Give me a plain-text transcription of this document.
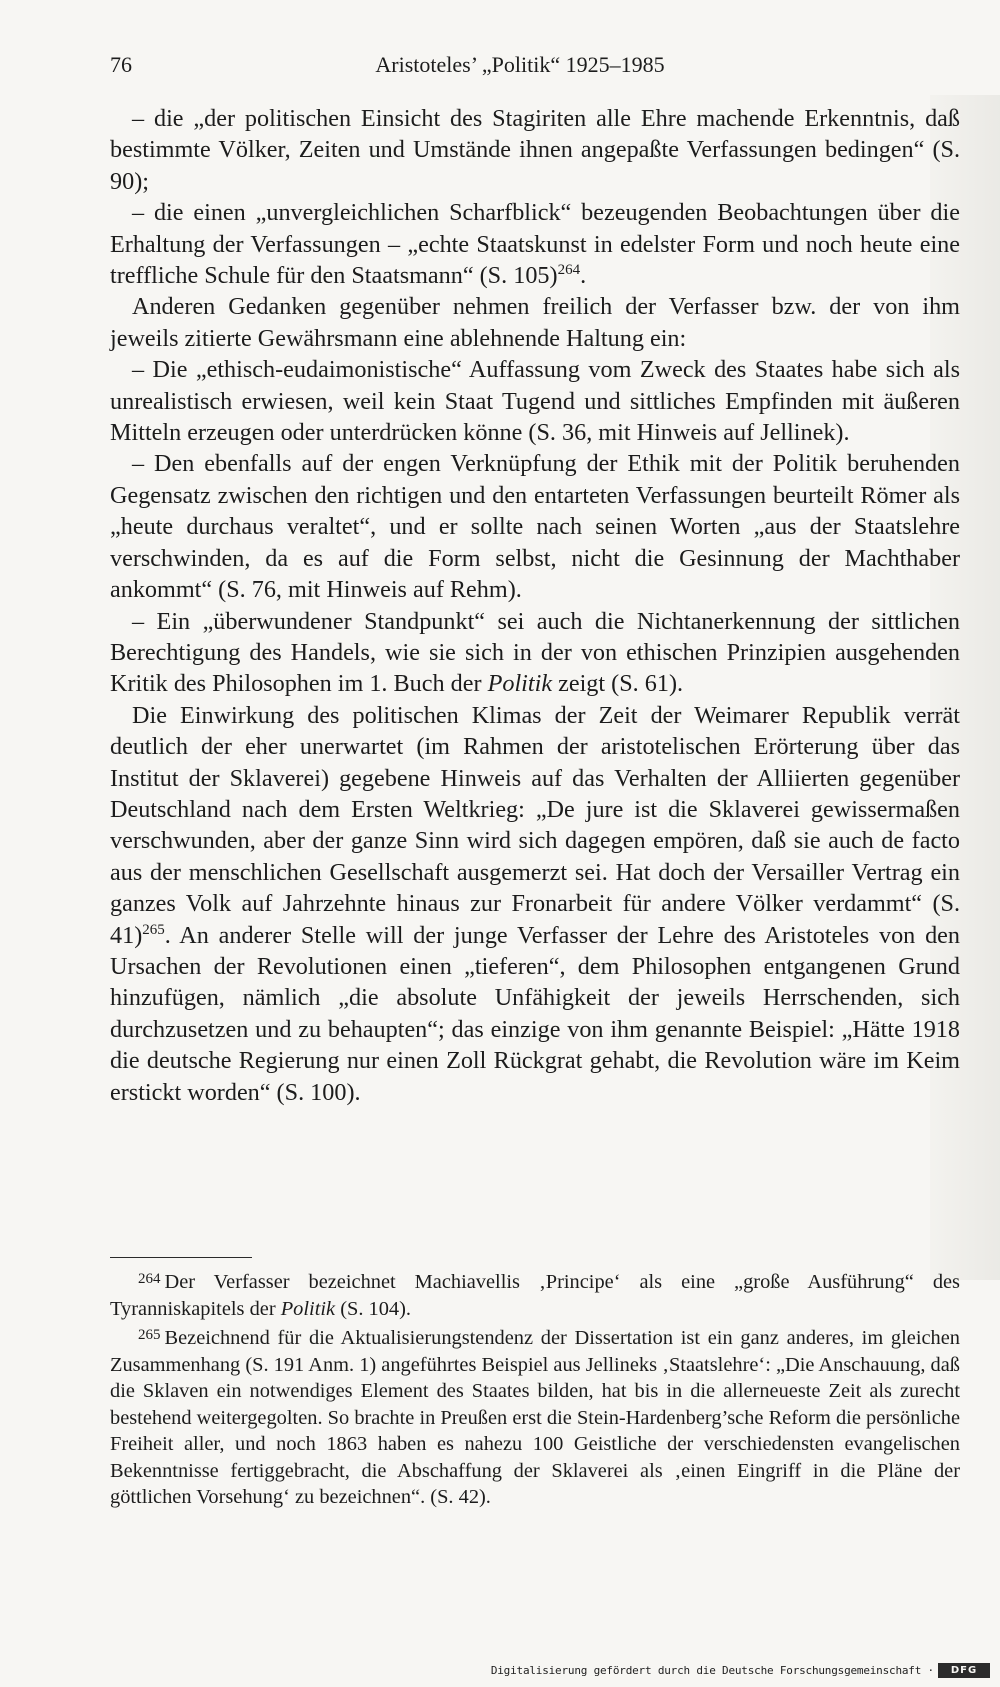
76	Aristoteles’ „Politik“ 1925–1985

– die „der politischen Einsicht des Stagiriten alle Ehre machende Erkenntnis, daß bestimmte Völker, Zeiten und Umstände ihnen angepaßte Verfassungen bedingen“ (S. 90);

– die einen „unvergleichlichen Scharfblick“ bezeugenden Beobachtungen über die Erhaltung der Verfassungen – „echte Staatskunst in edelster Form und noch heute eine treffliche Schule für den Staatsmann“ (S. 105)$^{264}$.

Anderen Gedanken gegenüber nehmen freilich der Verfasser bzw. der von ihm jeweils zitierte Gewährsmann eine ablehnende Haltung ein:

– Die „ethisch-eudaimonistische“ Auffassung vom Zweck des Staates habe sich als unrealistisch erwiesen, weil kein Staat Tugend und sittliches Empfinden mit äußeren Mitteln erzeugen oder unterdrücken könne (S. 36, mit Hinweis auf Jellinek).

– Den ebenfalls auf der engen Verknüpfung der Ethik mit der Politik beruhenden Gegensatz zwischen den richtigen und den entarteten Verfassungen beurteilt Römer als „heute durchaus veraltet“, und er sollte nach seinen Worten „aus der Staatslehre verschwinden, da es auf die Form selbst, nicht die Gesinnung der Machthaber ankommt“ (S. 76, mit Hinweis auf Rehm).

– Ein „überwundener Standpunkt“ sei auch die Nichtanerkennung der sittlichen Berechtigung des Handels, wie sie sich in der von ethischen Prinzipien ausgehenden Kritik des Philosophen im 1. Buch der Politik zeigt (S. 61).

Die Einwirkung des politischen Klimas der Zeit der Weimarer Republik verrät deutlich der eher unerwartet (im Rahmen der aristotelischen Erörterung über das Institut der Sklaverei) gegebene Hinweis auf das Verhalten der Alliierten gegenüber Deutschland nach dem Ersten Weltkrieg: „De jure ist die Sklaverei gewissermaßen verschwunden, aber der ganze Sinn wird sich dagegen empören, daß sie auch de facto aus der menschlichen Gesellschaft ausgemerzt sei. Hat doch der Versailler Vertrag ein ganzes Volk auf Jahrzehnte hinaus zur Fronarbeit für andere Völker verdammt“ (S. 41)$^{265}$. An anderer Stelle will der junge Verfasser der Lehre des Aristoteles von den Ursachen der Revolutionen einen „tieferen“, dem Philosophen entgangenen Grund hinzufügen, nämlich „die absolute Unfähigkeit der jeweils Herrschenden, sich durchzusetzen und zu behaupten“; das einzige von ihm genannte Beispiel: „Hätte 1918 die deutsche Regierung nur einen Zoll Rückgrat gehabt, die Revolution wäre im Keim erstickt worden“ (S. 100).

$^{264}$ Der Verfasser bezeichnet Machiavellis ‚Principe‘ als eine „große Ausführung“ des Tyranniskapitels der Politik (S. 104).

$^{265}$ Bezeichnend für die Aktualisierungstendenz der Dissertation ist ein ganz anderes, im gleichen Zusammenhang (S. 191 Anm. 1) angeführtes Beispiel aus Jellineks ‚Staatslehre‘: „Die Anschauung, daß die Sklaven ein notwendiges Element des Staates bilden, hat bis in die allerneueste Zeit als zurecht bestehend weitergegolten. So brachte in Preußen erst die Stein-Hardenberg’sche Reform die persönliche Freiheit aller, und noch 1863 haben es nahezu 100 Geistliche der verschiedensten evangelischen Bekenntnisse fertiggebracht, die Abschaffung der Sklaverei als ‚einen Eingriff in die Pläne der göttlichen Vorsehung‘ zu bezeichnen“. (S. 42).

Digitalisierung gefördert durch die Deutsche Forschungsgemeinschaft ·	DFG
